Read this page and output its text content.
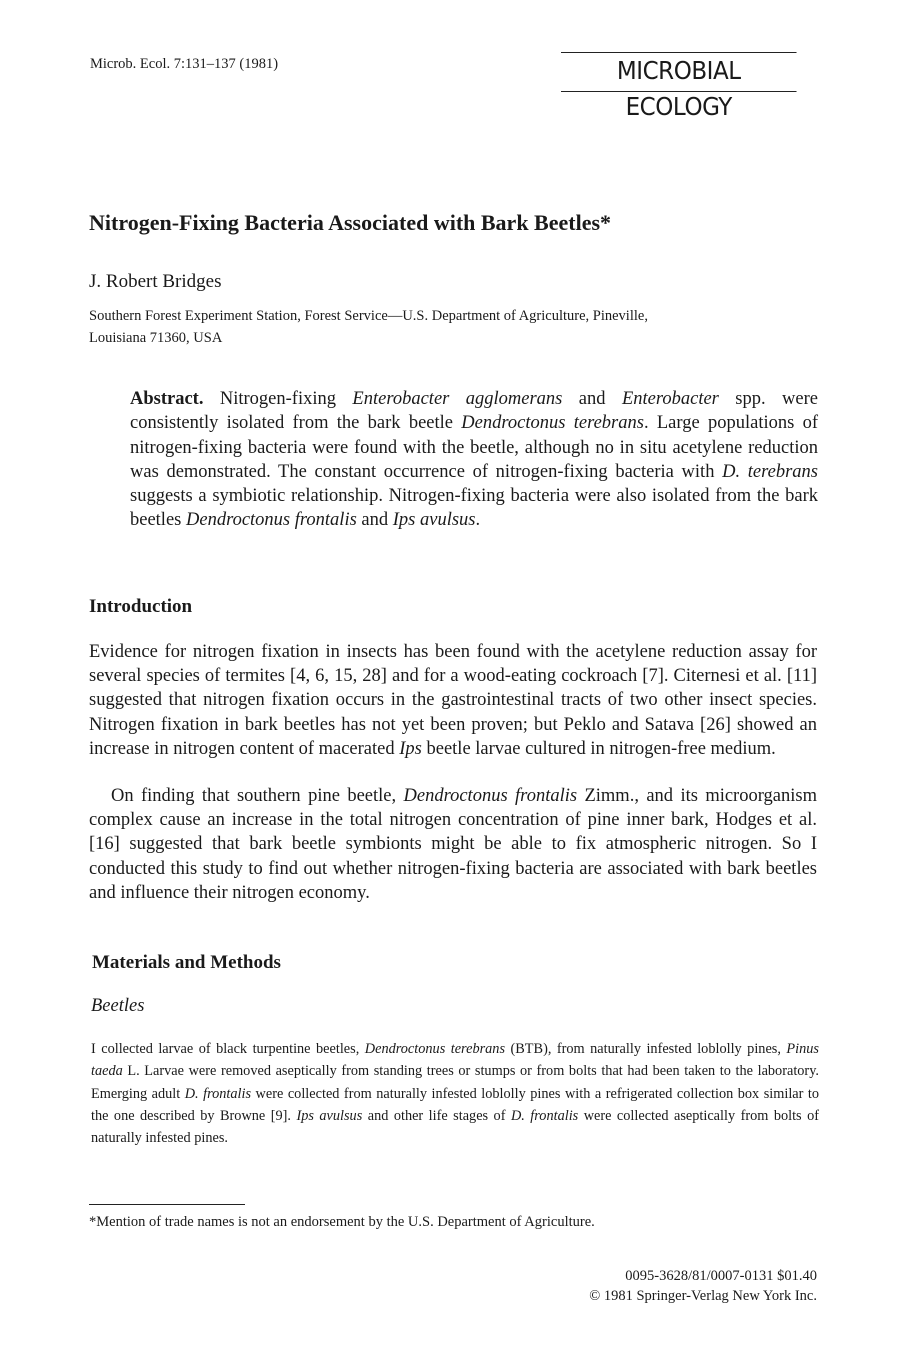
Microb. Ecol. 7:131–137 (1981)	MICROBIAL ECOLOGY
Nitrogen-Fixing Bacteria Associated with Bark Beetles*
J. Robert Bridges
Southern Forest Experiment Station, Forest Service—U.S. Department of Agriculture, Pineville,
Louisiana 71360, USA
Abstract. Nitrogen-fixing Enterobacter agglomerans and Enterobacter spp. were consistently isolated from the bark beetle Dendroctonus terebrans. Large populations of nitrogen-fixing bacteria were found with the beetle, although no in situ acetylene reduction was demonstrated. The constant occurrence of nitrogen-fixing bacteria with D. terebrans suggests a symbiotic relationship. Nitrogen-fixing bacteria were also isolated from the bark beetles Dendroctonus frontalis and Ips avulsus.
Introduction
Evidence for nitrogen fixation in insects has been found with the acetylene reduction assay for several species of termites [4, 6, 15, 28] and for a wood-eating cockroach [7]. Citernesi et al. [11] suggested that nitrogen fixation occurs in the gastrointestinal tracts of two other insect species. Nitrogen fixation in bark beetles has not yet been proven; but Peklo and Satava [26] showed an increase in nitrogen content of macerated Ips beetle larvae cultured in nitrogen-free medium.
On finding that southern pine beetle, Dendroctonus frontalis Zimm., and its microorganism complex cause an increase in the total nitrogen concentration of pine inner bark, Hodges et al. [16] suggested that bark beetle symbionts might be able to fix atmospheric nitrogen. So I conducted this study to find out whether nitrogen-fixing bacteria are associated with bark beetles and influence their nitrogen economy.
Materials and Methods
Beetles
I collected larvae of black turpentine beetles, Dendroctonus terebrans (BTB), from naturally infested loblolly pines, Pinus taeda L. Larvae were removed aseptically from standing trees or stumps or from bolts that had been taken to the laboratory. Emerging adult D. frontalis were collected from naturally infested loblolly pines with a refrigerated collection box similar to the one described by Browne [9]. Ips avulsus and other life stages of D. frontalis were collected aseptically from bolts of naturally infested pines.
*Mention of trade names is not an endorsement by the U.S. Department of Agriculture.
0095-3628/81/0007-0131 $01.40
© 1981 Springer-Verlag New York Inc.
